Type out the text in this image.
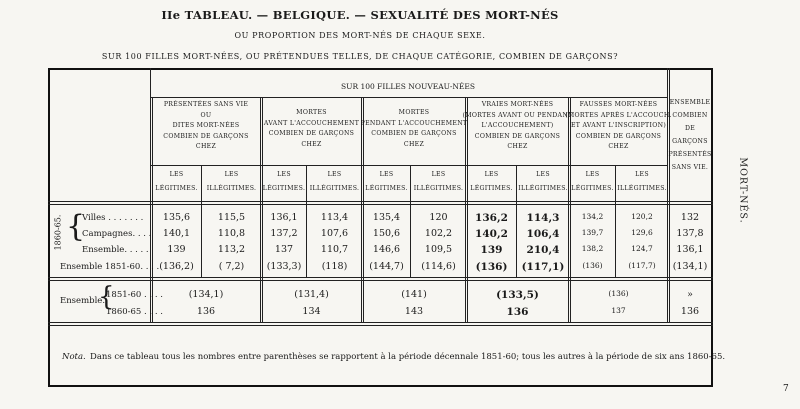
IIe TABLEAU. — BELGIQUE. — SEXUALITÉ DES MORT-NÉS
OU PROPORTION DES MORT-NÉS DE CHAQUE SEXE.
SUR 100 FILLES MORT-NÉES, OU PRÉTENDUES TELLES, DE CHAQUE CATÉGORIE, COMBIEN DE GARÇONS?
SUR 100 FILLES NOUVEAU-NÉES
PRÉSENTÉES SANS VIE
OU
DITES MORT-NÉES
COMBIEN DE GARÇONS
CHEZ
MORTES
AVANT L'ACCOUCHEMENT
COMBIEN DE GARÇONS
CHEZ
MORTES
PENDANT L'ACCOUCHEMENT
COMBIEN DE GARÇONS
CHEZ
VRAIES MORT-NÉES
(MORTES AVANT OU PENDANT
L'ACCOUCHEMENT)
COMBIEN DE GARÇONS
CHEZ
FAUSSES MORT-NÉES
(MORTES APRÈS L'ACCOUCH.
ET AVANT L'INSCRIPTION)
COMBIEN DE GARÇONS
CHEZ
ENSEMBLE
COMBIEN
DE
GARÇONS
PRÉSENTÉS
SANS VIE.
LES
LÉGITIMES.
LES
ILLÉGITIMES.
LES
LÉGITIMES.
LES
ILLÉGITIMES.
LES
LÉGITIMES.
LES
ILLÉGITIMES.
LES
LÉGITIMES.
LES
ILLÉGITIMES.
LES
LÉGITIMES.
LES
ILLÉGITIMES.
1860-65. {
Villes . . . . . . . 135,6	115,5	136,1 113,4	135,4	120	136,2 114,3	134,2	120,2	132
Campagnes. . . . 140,1	110,8	137,2 107,6	150,6	102,2 140,2 106,4	139,7	129,6 137,8
Ensemble. . . . . 139	113,2	137	110,7	146,6	109,5	139 210,4	138,2	124,7 136,1
Ensemble 1851-60. . . . (136,2)	( 7,2) (133,3) (118) (144,7) (114,6) (136) (117,1) (136)	(117,7) (134,1)
Ensemble.
{
1851-60 . . . .	(134,1)	(131,4)	(141)	(133,5)	(136)	»
1860-65 . . . .	136	134	143	136	137	136
Nota. Dans ce tableau tous les nombres entre parenthèses se rapportent à la période décennale 1851-60; tous les autres à la période de six ans 1860-65.
MORT-NÉS.
7
